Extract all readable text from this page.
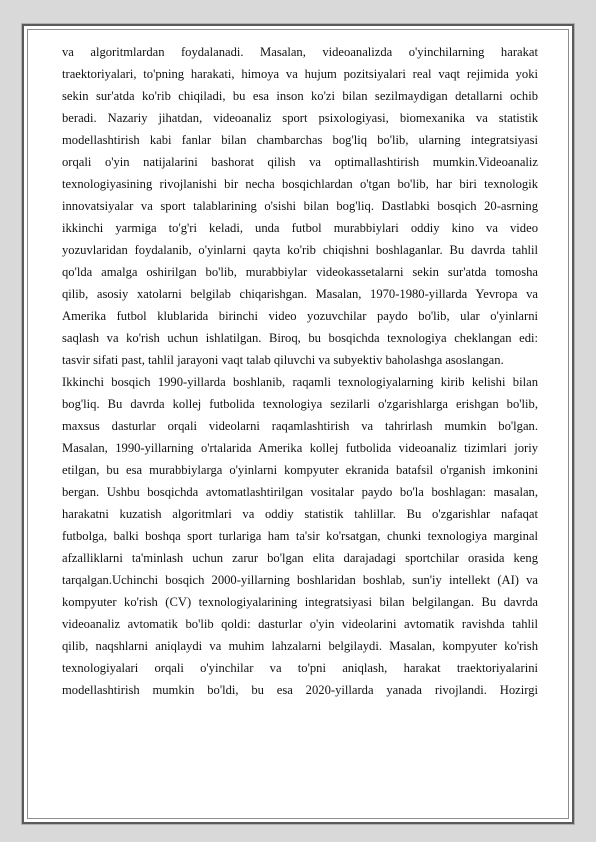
va algoritmlardan foydalanadi. Masalan, videoanalizda o'yinchilarning harakat
traektoriyalari, to'pning harakati, himoya va hujum pozitsiyalari real vaqt rejimida yoki
sekin sur'atda ko'rib chiqiladi, bu esa inson ko'zi bilan sezilmaydigan detallarni ochib
beradi. Nazariy jihatdan, videoanaliz sport psixologiyasi, biomexanika va statistik
modellashtirish kabi fanlar bilan chambarchas bog'liq bo'lib, ularning integratsiyasi
orqali o'yin natijalarini bashorat qilish va optimallashtirish mumkin.Videoanaliz
texnologiyasining rivojlanishi bir necha bosqichlardan o'tgan bo'lib, har biri texnologik
innovatsiyalar va sport talablarining o'sishi bilan bog'liq. Dastlabki bosqich 20-asrning
ikkinchi yarmiga to'g'ri keladi, unda futbol murabbiylari oddiy kino va video
yozuvlaridan foydalanib, o'yinlarni qayta ko'rib chiqishni boshlaganlar. Bu davrda tahlil
qo'lda amalga oshirilgan bo'lib, murabbiylar videokassetalarni sekin sur'atda tomosha
qilib, asosiy xatolarni belgilab chiqarishgan. Masalan, 1970-1980-yillarda Yevropa va
Amerika futbol klublarida birinchi video yozuvchilar paydo bo'lib, ular o'yinlarni
saqlash va ko'rish uchun ishlatilgan. Biroq, bu bosqichda texnologiya cheklangan edi:
tasvir sifati past, tahlil jarayoni vaqt talab qiluvchi va subyektiv baholashga asoslangan.
Ikkinchi bosqich 1990-yillarda boshlanib, raqamli texnologiyalarning kirib kelishi bilan
bog'liq. Bu davrda kollej futbolida texnologiya sezilarli o'zgarishlarga erishgan bo'lib,
maxsus dasturlar orqali videolarni raqamlashtirish va tahrirlash mumkin bo'lgan.
Masalan, 1990-yillarning o'rtalarida Amerika kollej futbolida videoanaliz tizimlari joriy
etilgan, bu esa murabbiylarga o'yinlarni kompyuter ekranida batafsil o'rganish imkonini
bergan. Ushbu bosqichda avtomatlashtirilgan vositalar paydo bo'la boshlagan: masalan,
harakatni kuzatish algoritmlari va oddiy statistik tahlillar. Bu o'zgarishlar nafaqat
futbolga, balki boshqa sport turlariga ham ta'sir ko'rsatgan, chunki texnologiya marginal
afzalliklarni ta'minlash uchun zarur bo'lgan elita darajadagi sportchilar orasida keng
tarqalgan.Uchinchi bosqich 2000-yillarning boshlaridan boshlab, sun'iy intellekt (AI) va
kompyuter ko'rish (CV) texnologiyalarining integratsiyasi bilan belgilangan. Bu davrda
videoanaliz avtomatik bo'lib qoldi: dasturlar o'yin videolarini avtomatik ravishda tahlil
qilib, naqshlarni aniqlaydi va muhim lahzalarni belgilaydi. Masalan, kompyuter ko'rish
texnologiyalari orqali o'yinchilar va to'pni aniqlash, harakat traektoriyalarini
modellashtirish mumkin bo'ldi, bu esa 2020-yillarda yanada rivojlandi. Hozirgi
